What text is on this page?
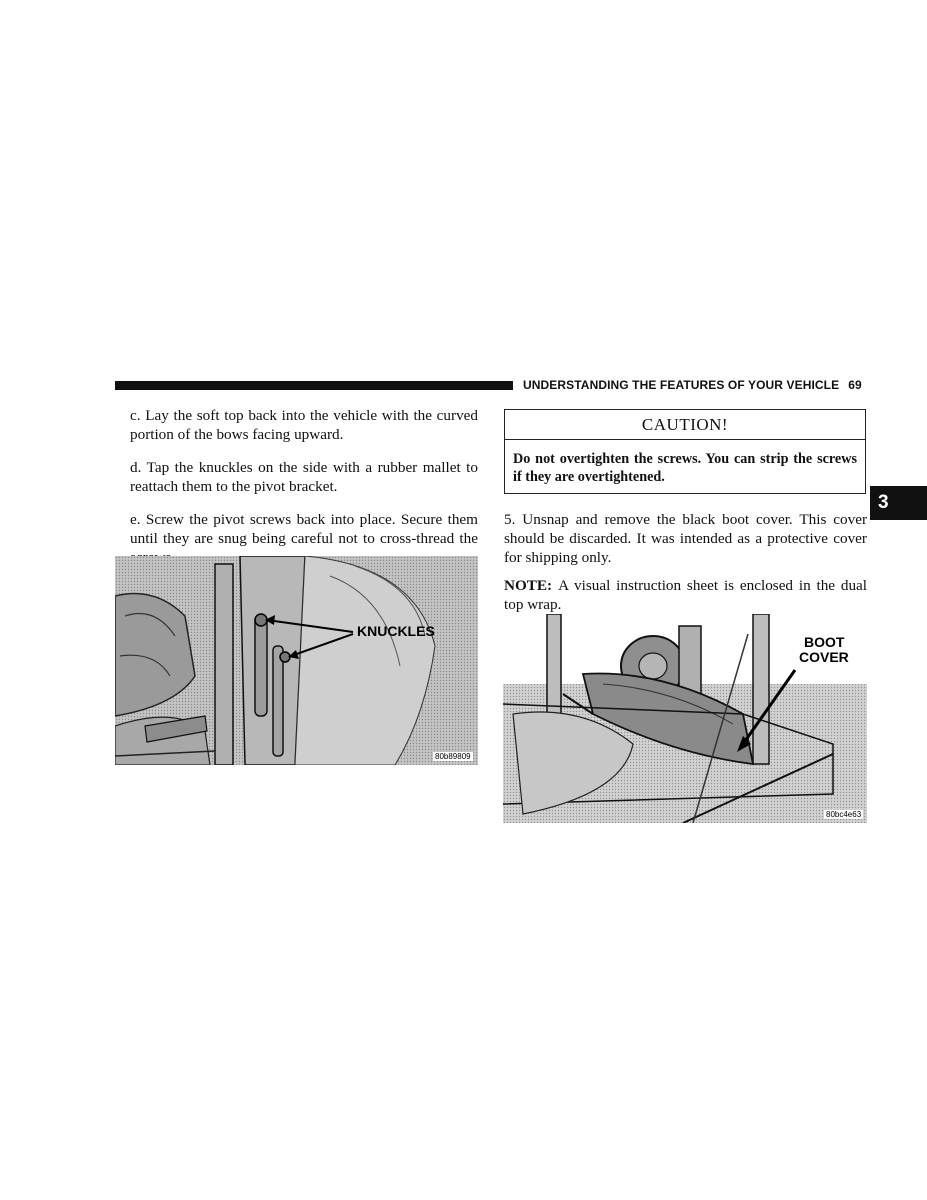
UNDERSTANDING THE FEATURES OF YOUR VEHICLE 69
3

c. Lay the soft top back into the vehicle with the curved portion of the bows facing upward.

d. Tap the knuckles on the side with a rubber mallet to reattach them to the pivot bracket.

e. Screw the pivot screws back into place. Secure them until they are snug being careful not to cross-thread the

KNUCKLES
80b89809
CAUTION!
Do not overtighten the screws. You can strip the screws if they are overtightened.

5. Unsnap and remove the black boot cover. This cover should be discarded. It was intended as a protective cover for shipping only.

NOTE: A visual instruction sheet is enclosed in the dual top wrap.

BOOT
COVER
80bc4e63
